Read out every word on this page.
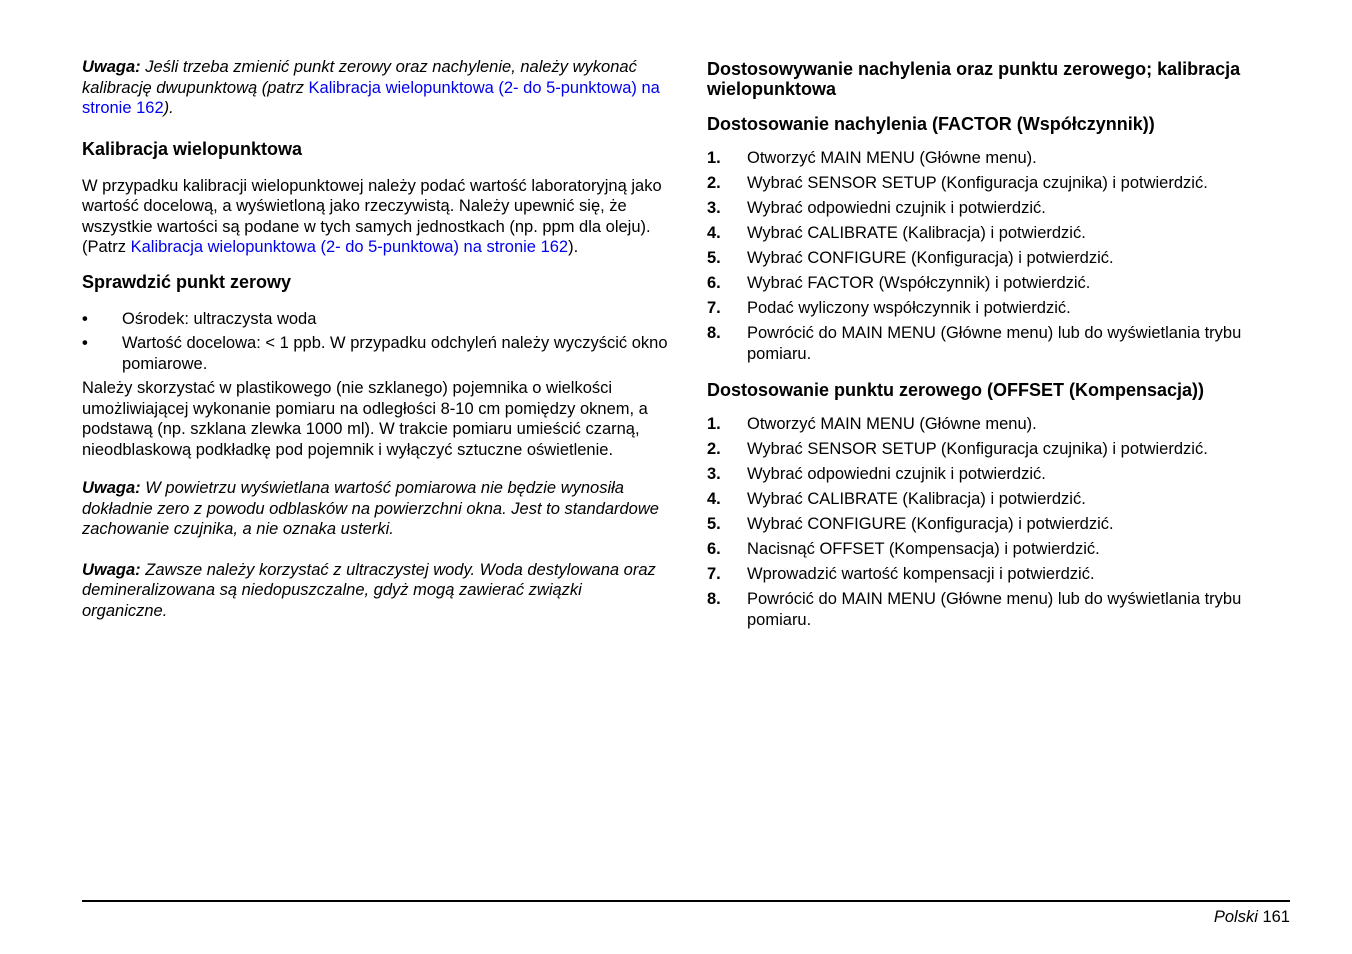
Uwaga: Jeśli trzeba zmienić punkt zerowy oraz nachylenie, należy wykonać kalibrację dwupunktową (patrz Kalibracja wielopunktowa (2- do 5-punktowa) na stronie 162).

Kalibracja wielopunktowa

W przypadku kalibracji wielopunktowej należy podać wartość laboratoryjną jako wartość docelową, a wyświetloną jako rzeczywistą. Należy upewnić się, że wszystkie wartości są podane w tych samych jednostkach (np. ppm dla oleju). (Patrz Kalibracja wielopunktowa (2- do 5-punktowa) na stronie 162).

Sprawdzić punkt zerowy
• Ośrodek: ultraczysta woda
• Wartość docelowa: < 1 ppb. W przypadku odchyleń należy wyczyścić okno pomiarowe.

Należy skorzystać w plastikowego (nie szklanego) pojemnika o wielkości umożliwiającej wykonanie pomiaru na odległości 8-10 cm pomiędzy oknem, a podstawą (np. szklana zlewka 1000 ml). W trakcie pomiaru umieścić czarną, nieodblaskową podkładkę pod pojemnik i wyłączyć sztuczne oświetlenie.

Uwaga: W powietrzu wyświetlana wartość pomiarowa nie będzie wynosiła dokładnie zero z powodu odblasków na powierzchni okna. Jest to standardowe zachowanie czujnika, a nie oznaka usterki.

Uwaga: Zawsze należy korzystać z ultraczystej wody. Woda destylowana oraz demineralizowana są niedopuszczalne, gdyż mogą zawierać związki organiczne.

Dostosowywanie nachylenia oraz punktu zerowego; kalibracja wielopunktowa
Dostosowanie nachylenia (FACTOR (Współczynnik))
1. Otworzyć MAIN MENU (Główne menu).
2. Wybrać SENSOR SETUP (Konfiguracja czujnika) i potwierdzić.
3. Wybrać odpowiedni czujnik i potwierdzić.
4. Wybrać CALIBRATE (Kalibracja) i potwierdzić.
5. Wybrać CONFIGURE (Konfiguracja) i potwierdzić.
6. Wybrać FACTOR (Współczynnik) i potwierdzić.
7. Podać wyliczony współczynnik i potwierdzić.
8. Powrócić do MAIN MENU (Główne menu) lub do wyświetlania trybu pomiaru.
Dostosowanie punktu zerowego (OFFSET (Kompensacja))
1. Otworzyć MAIN MENU (Główne menu).
2. Wybrać SENSOR SETUP (Konfiguracja czujnika) i potwierdzić.
3. Wybrać odpowiedni czujnik i potwierdzić.
4. Wybrać CALIBRATE (Kalibracja) i potwierdzić.
5. Wybrać CONFIGURE (Konfiguracja) i potwierdzić.
6. Nacisnąć OFFSET (Kompensacja) i potwierdzić.
7. Wprowadzić wartość kompensacji i potwierdzić.
8. Powrócić do MAIN MENU (Główne menu) lub do wyświetlania trybu pomiaru.
Polski 161
